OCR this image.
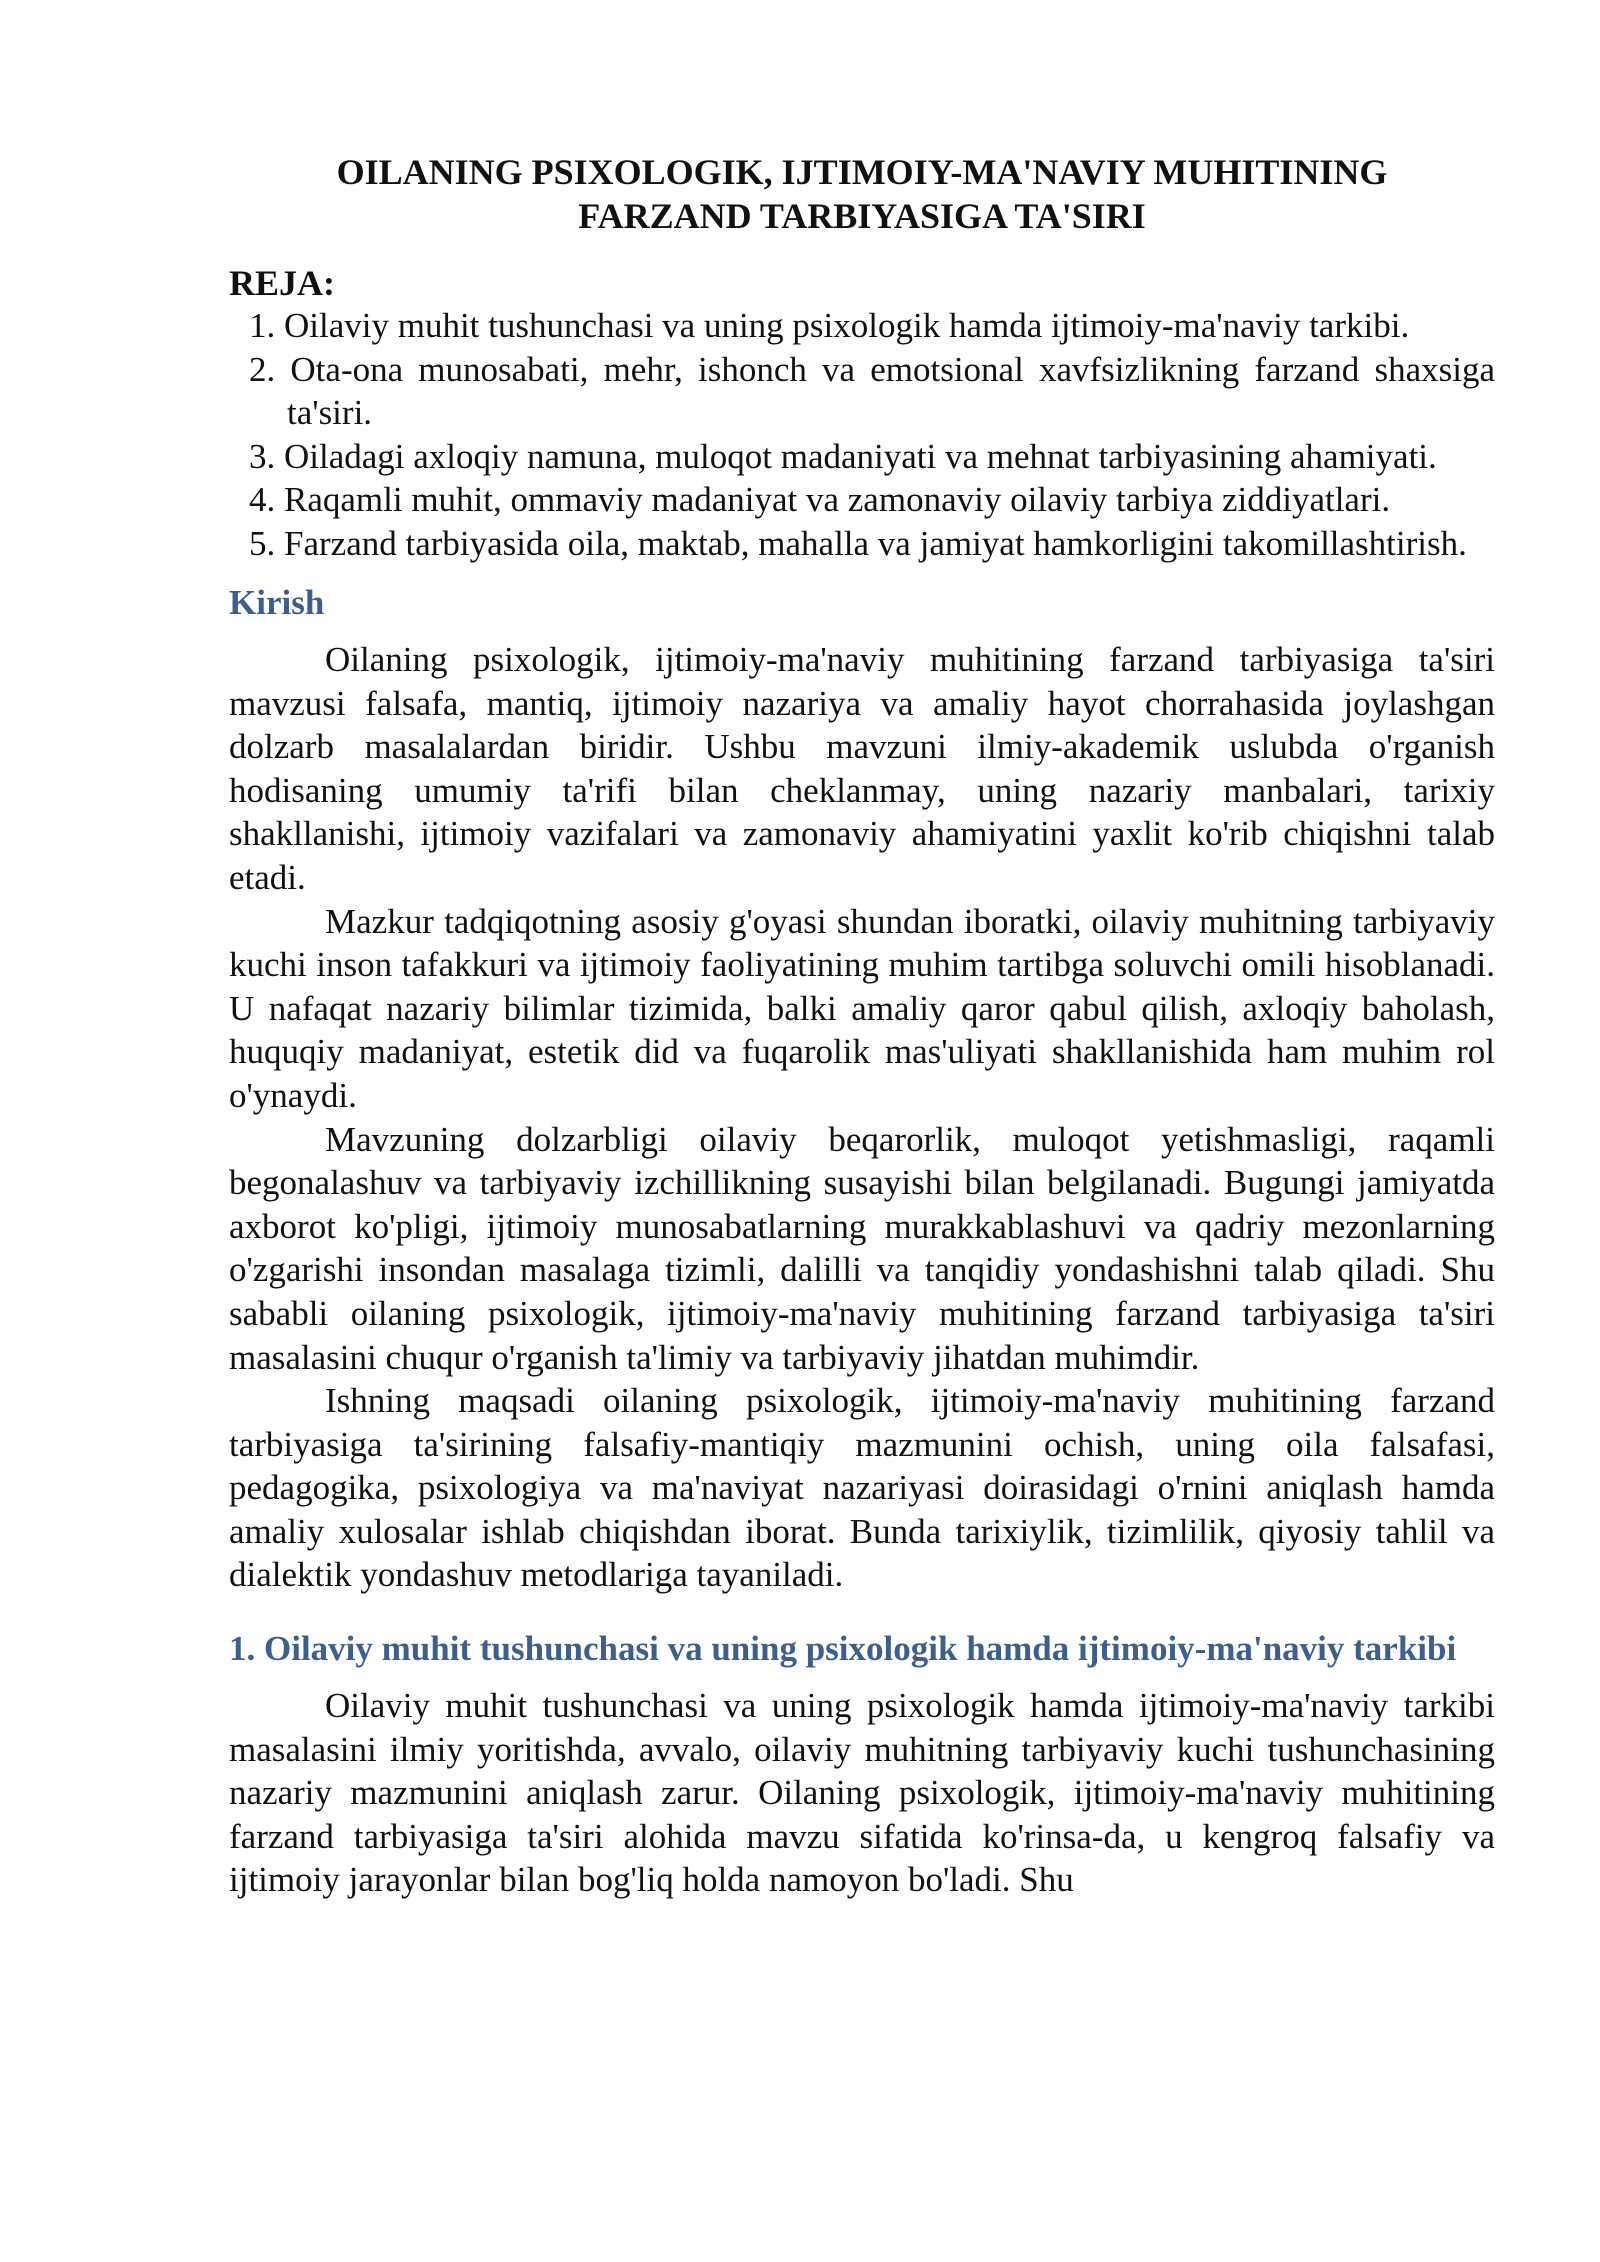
OILANING PSIXOLOGIK, IJTIMOIY-MA'NAVIY MUHITINING
FARZAND TARBIYASIGA TA'SIRI
REJA:
1. Oilaviy muhit tushunchasi va uning psixologik hamda ijtimoiy-ma'naviy tarkibi.
2. Ota-ona munosabati, mehr, ishonch va emotsional xavfsizlikning farzand shaxsiga ta'siri.
3. Oiladagi axloqiy namuna, muloqot madaniyati va mehnat tarbiyasining ahamiyati.
4. Raqamli muhit, ommaviy madaniyat va zamonaviy oilaviy tarbiya ziddiyatlari.
5. Farzand tarbiyasida oila, maktab, mahalla va jamiyat hamkorligini takomillashtirish.
Kirish

Oilaning psixologik, ijtimoiy-ma'naviy muhitining farzand tarbiyasiga ta'siri mavzusi falsafa, mantiq, ijtimoiy nazariya va amaliy hayot chorrahasida joylashgan dolzarb masalalardan biridir. Ushbu mavzuni ilmiy-akademik uslubda o'rganish hodisaning umumiy ta'rifi bilan cheklanmay, uning nazariy manbalari, tarixiy shakllanishi, ijtimoiy vazifalari va zamonaviy ahamiyatini yaxlit ko'rib chiqishni talab etadi.

Mazkur tadqiqotning asosiy g'oyasi shundan iboratki, oilaviy muhitning tarbiyaviy kuchi inson tafakkuri va ijtimoiy faoliyatining muhim tartibga soluvchi omili hisoblanadi. U nafaqat nazariy bilimlar tizimida, balki amaliy qaror qabul qilish, axloqiy baholash, huquqiy madaniyat, estetik did va fuqarolik mas'uliyati shakllanishida ham muhim rol o'ynaydi.

Mavzuning dolzarbligi oilaviy beqarorlik, muloqot yetishmasligi, raqamli begonalashuv va tarbiyaviy izchillikning susayishi bilan belgilanadi. Bugungi jamiyatda axborot ko'pligi, ijtimoiy munosabatlarning murakkablashuvi va qadriy mezonlarning o'zgarishi insondan masalaga tizimli, dalilli va tanqidiy yondashishni talab qiladi. Shu sababli oilaning psixologik, ijtimoiy-ma'naviy muhitining farzand tarbiyasiga ta'siri masalasini chuqur o'rganish ta'limiy va tarbiyaviy jihatdan muhimdir.

Ishning maqsadi oilaning psixologik, ijtimoiy-ma'naviy muhitining farzand tarbiyasiga ta'sirining falsafiy-mantiqiy mazmunini ochish, uning oila falsafasi, pedagogika, psixologiya va ma'naviyat nazariyasi doirasidagi o'rnini aniqlash hamda amaliy xulosalar ishlab chiqishdan iborat. Bunda tarixiylik, tizimlilik, qiyosiy tahlil va dialektik yondashuv metodlariga tayaniladi.

1. Oilaviy muhit tushunchasi va uning psixologik hamda ijtimoiy-ma'naviy tarkibi

Oilaviy muhit tushunchasi va uning psixologik hamda ijtimoiy-ma'naviy tarkibi masalasini ilmiy yoritishda, avvalo, oilaviy muhitning tarbiyaviy kuchi tushunchasining nazariy mazmunini aniqlash zarur. Oilaning psixologik, ijtimoiy-ma'naviy muhitining farzand tarbiyasiga ta'siri alohida mavzu sifatida ko'rinsa-da, u kengroq falsafiy va ijtimoiy jarayonlar bilan bog'liq holda namoyon bo'ladi. Shu
